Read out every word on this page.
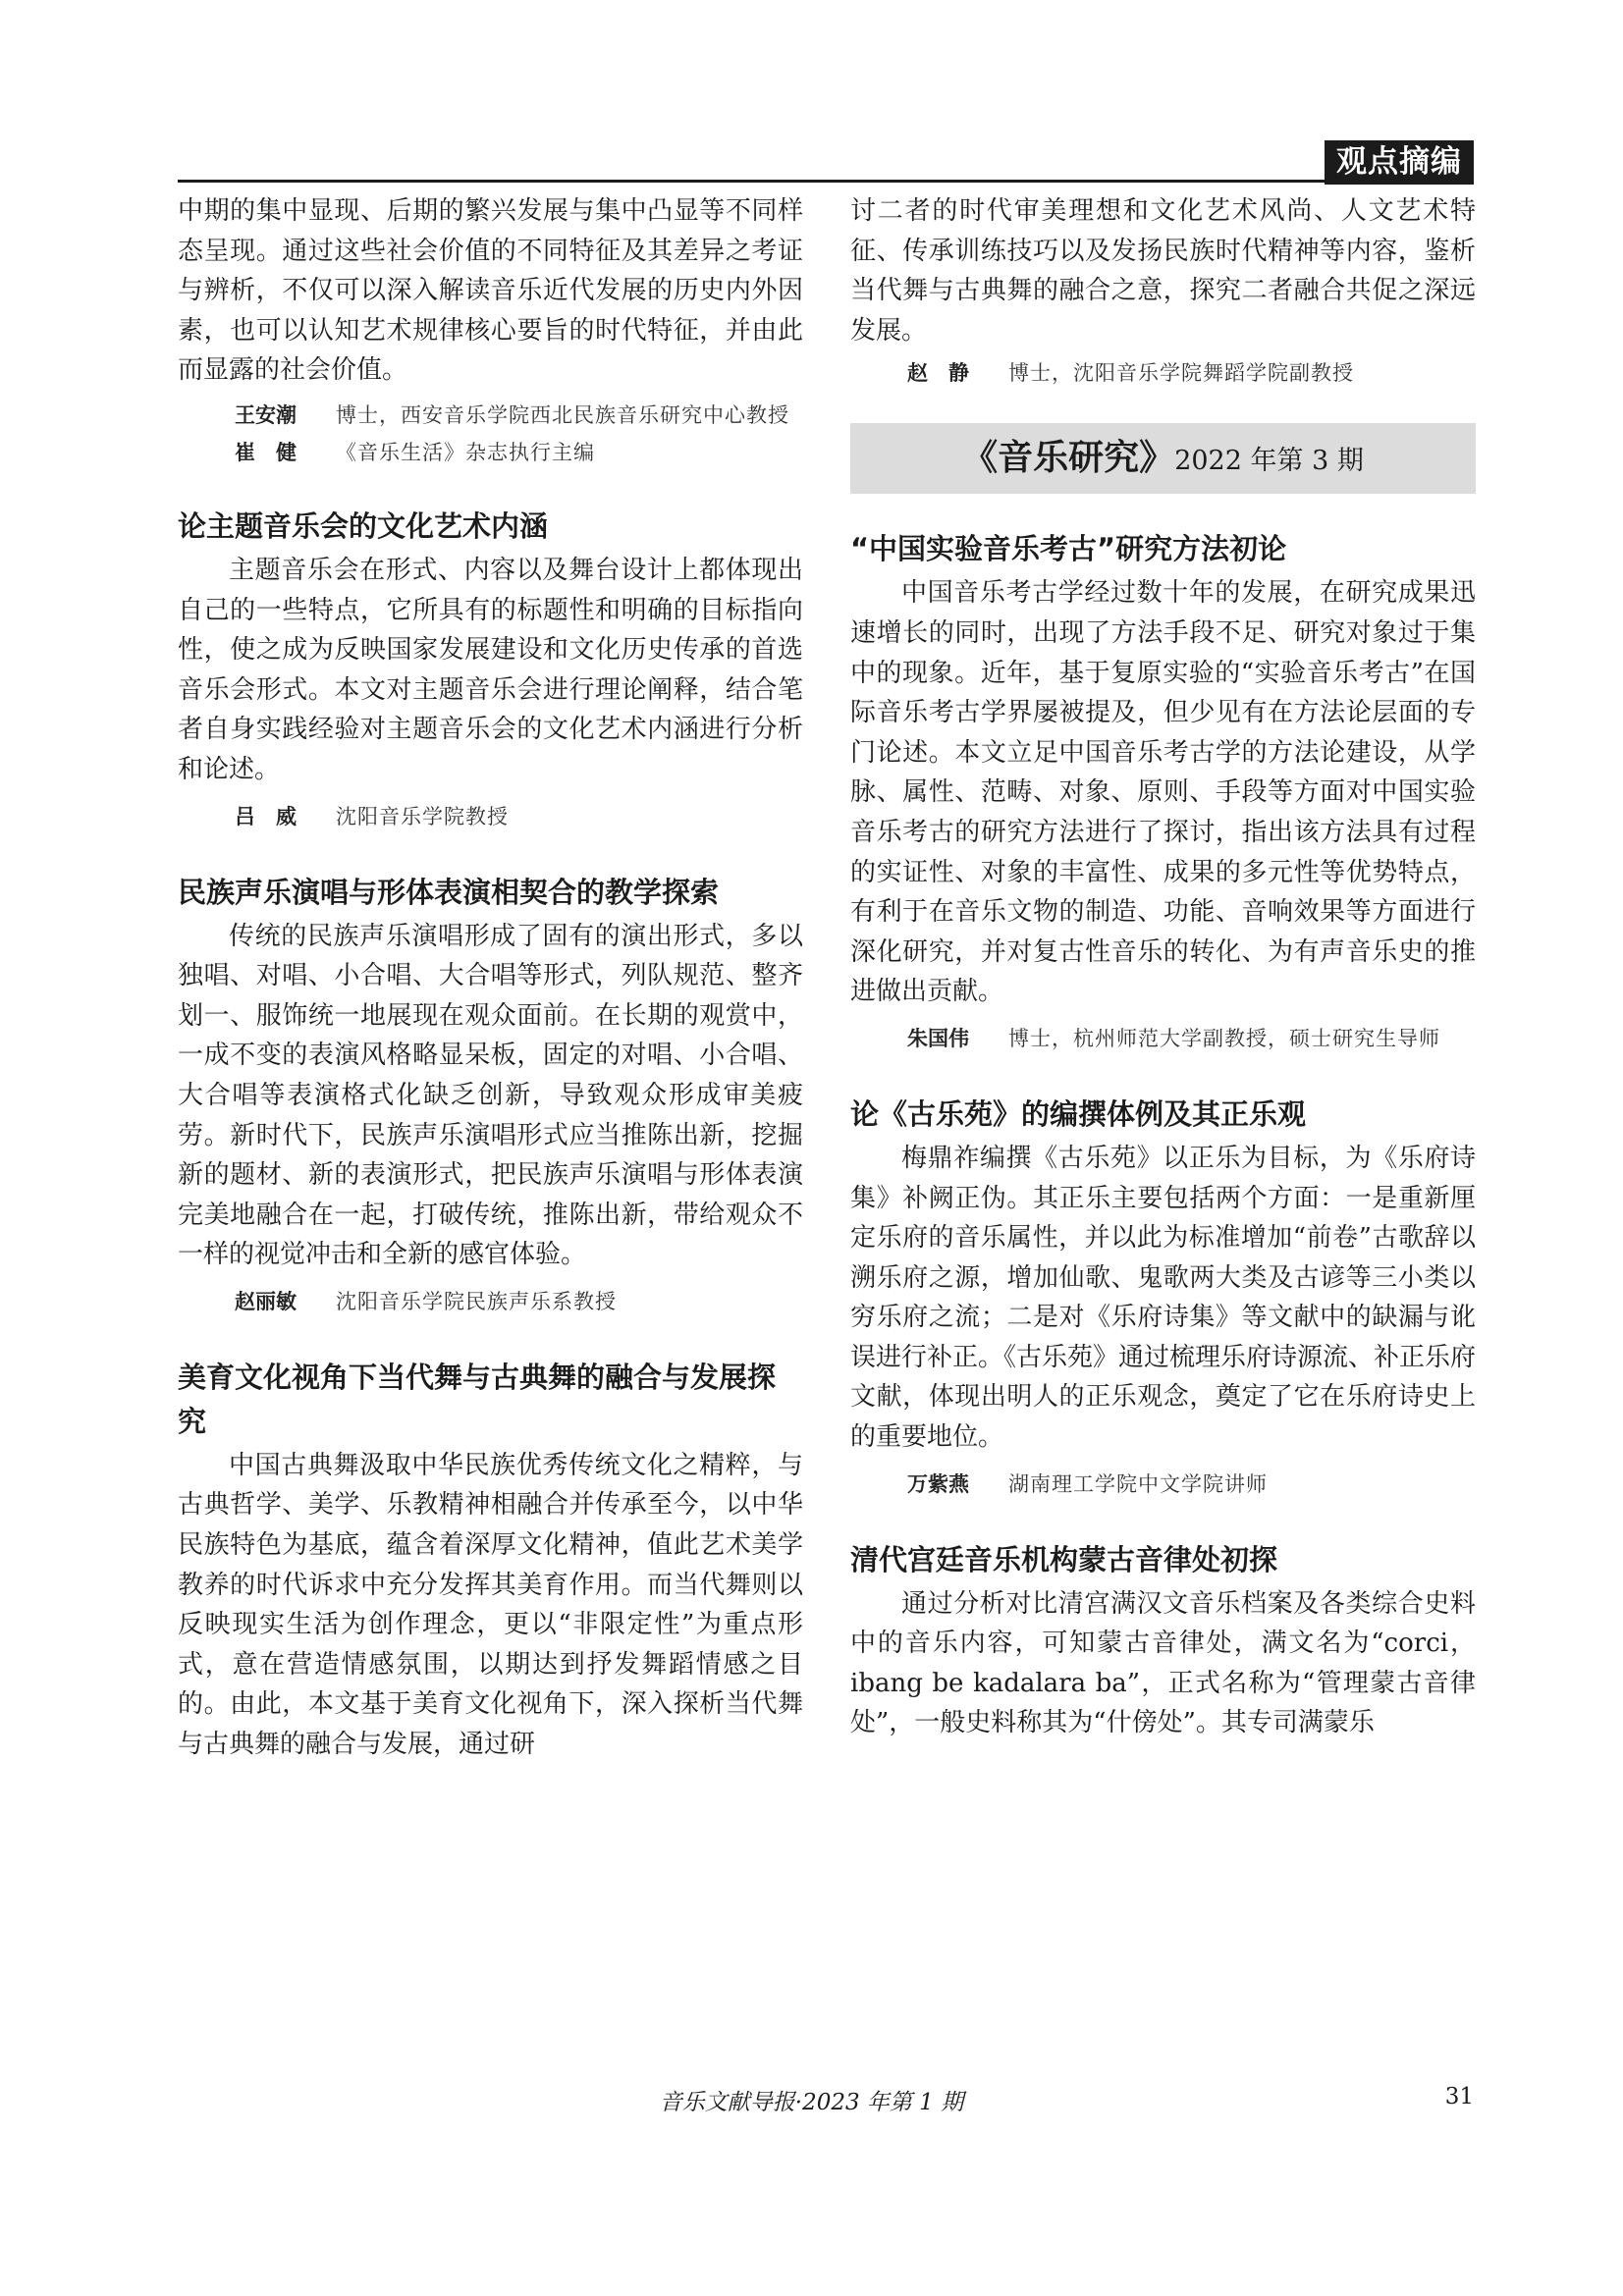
观点摘编

中期的集中显现、后期的繁兴发展与集中凸显等不同样态呈现。通过这些社会价值的不同特征及其差异之考证与辨析，不仅可以深入解读音乐近代发展的历史内外因素，也可以认知艺术规律核心要旨的时代特征，并由此而显露的社会价值。

王安潮 博士，西安音乐学院西北民族音乐研究中心教授
崔　健 《音乐生活》杂志执行主编
论主题音乐会的文化艺术内涵

主题音乐会在形式、内容以及舞台设计上都体现出自己的一些特点，它所具有的标题性和明确的目标指向性，使之成为反映国家发展建设和文化历史传承的首选音乐会形式。本文对主题音乐会进行理论阐释，结合笔者自身实践经验对主题音乐会的文化艺术内涵进行分析和论述。

吕　威 沈阳音乐学院教授
民族声乐演唱与形体表演相契合的教学探索

传统的民族声乐演唱形成了固有的演出形式，多以独唱、对唱、小合唱、大合唱等形式，列队规范、整齐划一、服饰统一地展现在观众面前。在长期的观赏中，一成不变的表演风格略显呆板，固定的对唱、小合唱、大合唱等表演格式化缺乏创新，导致观众形成审美疲劳。新时代下，民族声乐演唱形式应当推陈出新，挖掘新的题材、新的表演形式，把民族声乐演唱与形体表演完美地融合在一起，打破传统，推陈出新，带给观众不一样的视觉冲击和全新的感官体验。

赵丽敏 沈阳音乐学院民族声乐系教授
美育文化视角下当代舞与古典舞的融合与发展探究

中国古典舞汲取中华民族优秀传统文化之精粹，与古典哲学、美学、乐教精神相融合并传承至今，以中华民族特色为基底，蕴含着深厚文化精神，值此艺术美学教养的时代诉求中充分发挥其美育作用。而当代舞则以反映现实生活为创作理念，更以“非限定性”为重点形式，意在营造情感氛围，以期达到抒发舞蹈情感之目的。由此，本文基于美育文化视角下，深入探析当代舞与古典舞的融合与发展，通过研

讨二者的时代审美理想和文化艺术风尚、人文艺术特征、传承训练技巧以及发扬民族时代精神等内容，鉴析当代舞与古典舞的融合之意，探究二者融合共促之深远发展。

赵　静 博士，沈阳音乐学院舞蹈学院副教授
《音乐研究》2022 年第 3 期
“中国实验音乐考古”研究方法初论

中国音乐考古学经过数十年的发展，在研究成果迅速增长的同时，出现了方法手段不足、研究对象过于集中的现象。近年，基于复原实验的“实验音乐考古”在国际音乐考古学界屡被提及，但少见有在方法论层面的专门论述。本文立足中国音乐考古学的方法论建设，从学脉、属性、范畴、对象、原则、手段等方面对中国实验音乐考古的研究方法进行了探讨，指出该方法具有过程的实证性、对象的丰富性、成果的多元性等优势特点，有利于在音乐文物的制造、功能、音响效果等方面进行深化研究，并对复古性音乐的转化、为有声音乐史的推进做出贡献。

朱国伟 博士，杭州师范大学副教授，硕士研究生导师
论《古乐苑》的编撰体例及其正乐观

梅鼎祚编撰《古乐苑》以正乐为目标，为《乐府诗集》补阙正伪。其正乐主要包括两个方面：一是重新厘定乐府的音乐属性，并以此为标准增加“前卷”古歌辞以溯乐府之源，增加仙歌、鬼歌两大类及古谚等三小类以穷乐府之流；二是对《乐府诗集》等文献中的缺漏与讹误进行补正。《古乐苑》通过梳理乐府诗源流、补正乐府文献，体现出明人的正乐观念，奠定了它在乐府诗史上的重要地位。

万紫燕 湖南理工学院中文学院讲师
清代宫廷音乐机构蒙古音律处初探

通过分析对比清宫满汉文音乐档案及各类综合史料中的音乐内容，可知蒙古音律处，满文名为“corci，ibang be kadalara ba”，正式名称为“管理蒙古音律处”，一般史料称其为“什傍处”。其专司满蒙乐

音乐文献导报·2023 年第 1 期	31
